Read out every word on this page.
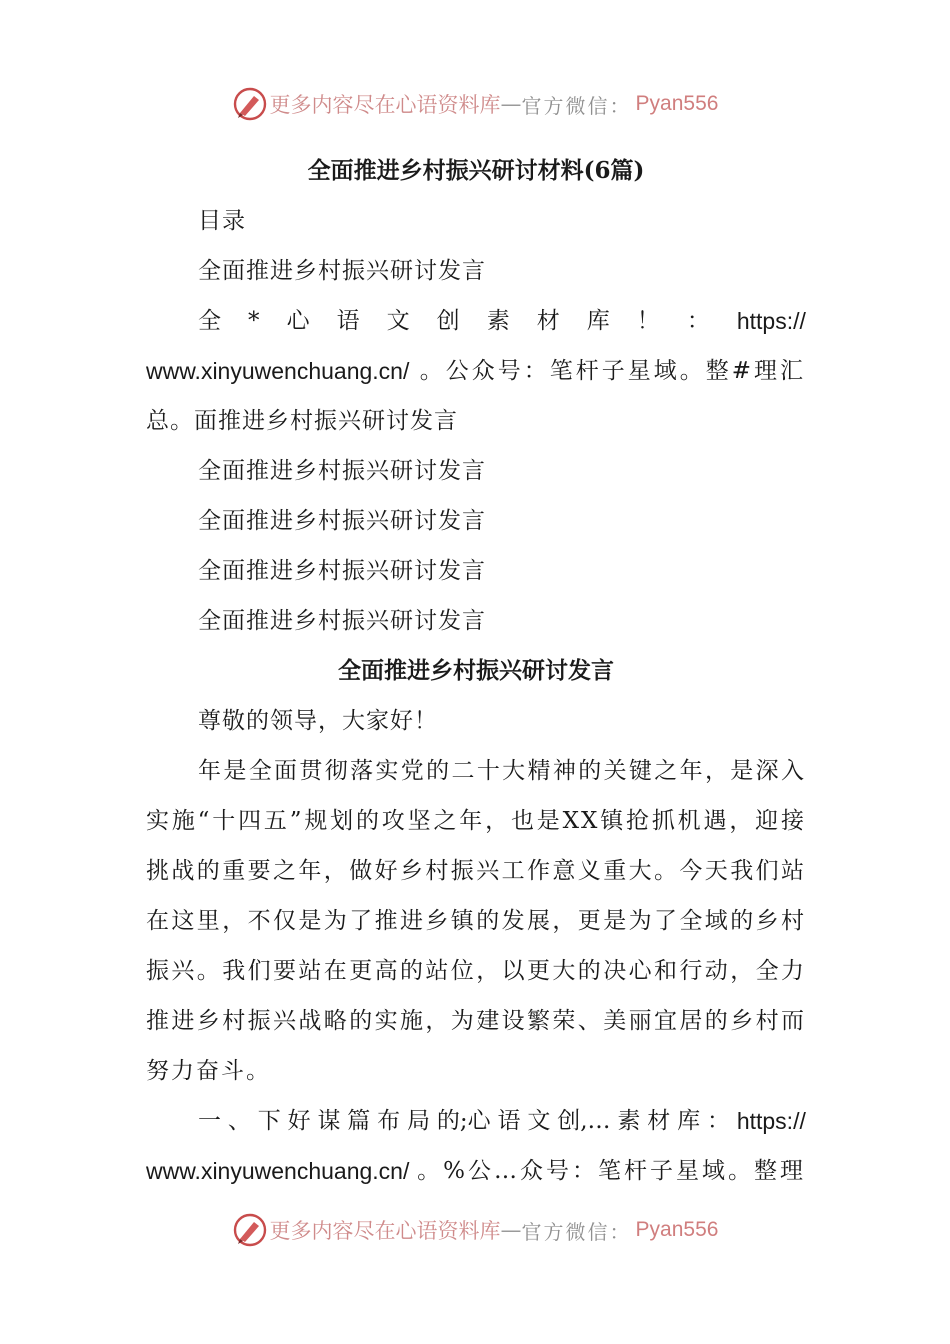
更多内容尽在心语资料库 — 官方微信： Pyan556

全面推进乡村振兴研讨材料(6篇)

目录

全面推进乡村振兴研讨发言

全 * 心 语 文 创 素 材 库 ！ ： https://
www.xinyuwenchuang.cn/ 。公众号：笔杆子星域。整#理汇

总。面推进乡村振兴研讨发言

全面推进乡村振兴研讨发言

全面推进乡村振兴研讨发言

全面推进乡村振兴研讨发言

全面推进乡村振兴研讨发言

全面推进乡村振兴研讨发言

尊敬的领导，大家好！

年是全面贯彻落实党的二十大精神的关键之年，是深入实施“十四五”规划的攻坚之年，也是XX镇抢抓机遇，迎接挑战的重要之年，做好乡村振兴工作意义重大。今天我们站在这里，不仅是为了推进乡镇的发展，更是为了全域的乡村振兴。我们要站在更高的站位，以更大的决心和行动，全力推进乡村振兴战略的实施，为建设繁荣、美丽宜居的乡村而努力奋斗。

一 、 下 好 谋 篇 布 局 的;心 语 文 创,… 素 材 库 ： https://
www.xinyuwenchuang.cn/ 。%公…众号：笔杆子星域。整理
更多内容尽在心语资料库 — 官方微信： Pyan556
